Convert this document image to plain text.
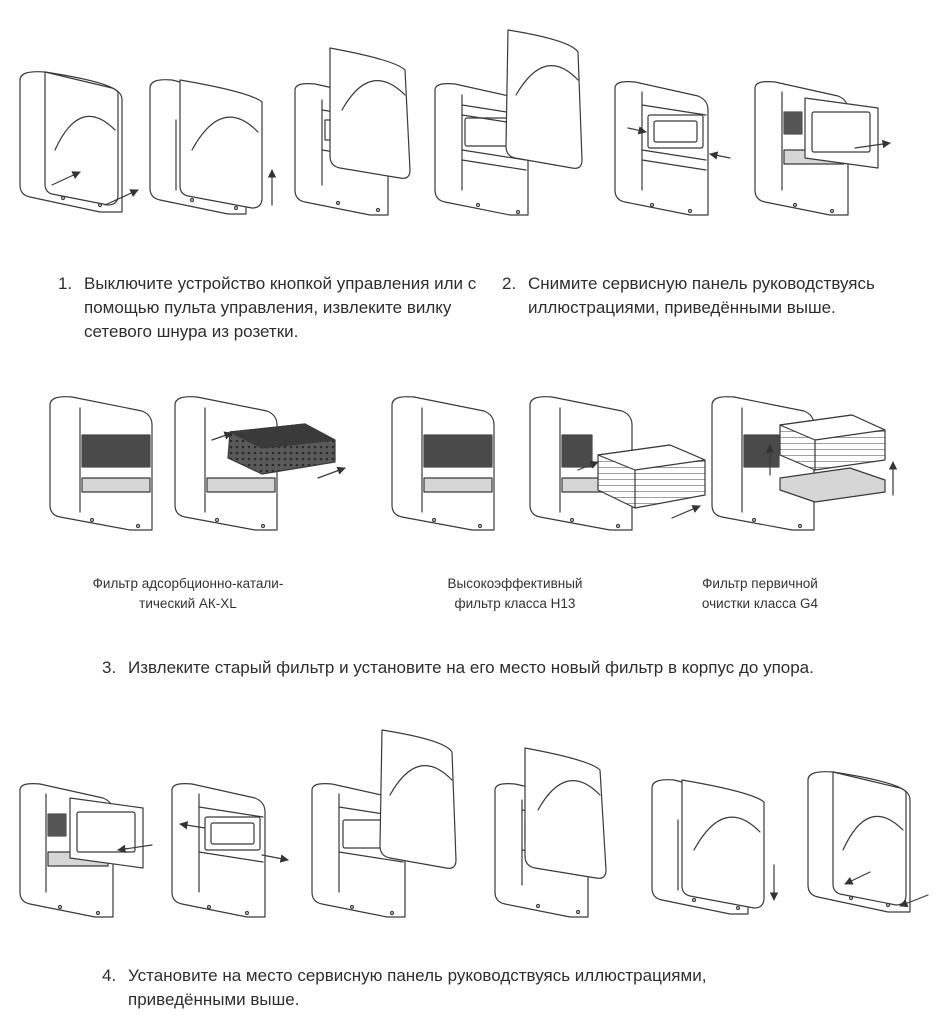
1. Выключите устройство кнопкой управления или с помощью пульта управления, извлеките вилку сетевого шнура из розетки.
2. Снимите сервисную панель руководствуясь иллюстрациями, приведёнными выше.
Фильтр адсорбционно-катали-тический АК-XL
Высокоэффективный фильтр класса H13
Фильтр первичной очистки класса G4
3. Извлеките старый фильтр и установите на его место новый фильтр в корпус до упора.
4. Установите на место сервисную панель руководствуясь иллюстрациями, приведёнными выше.
